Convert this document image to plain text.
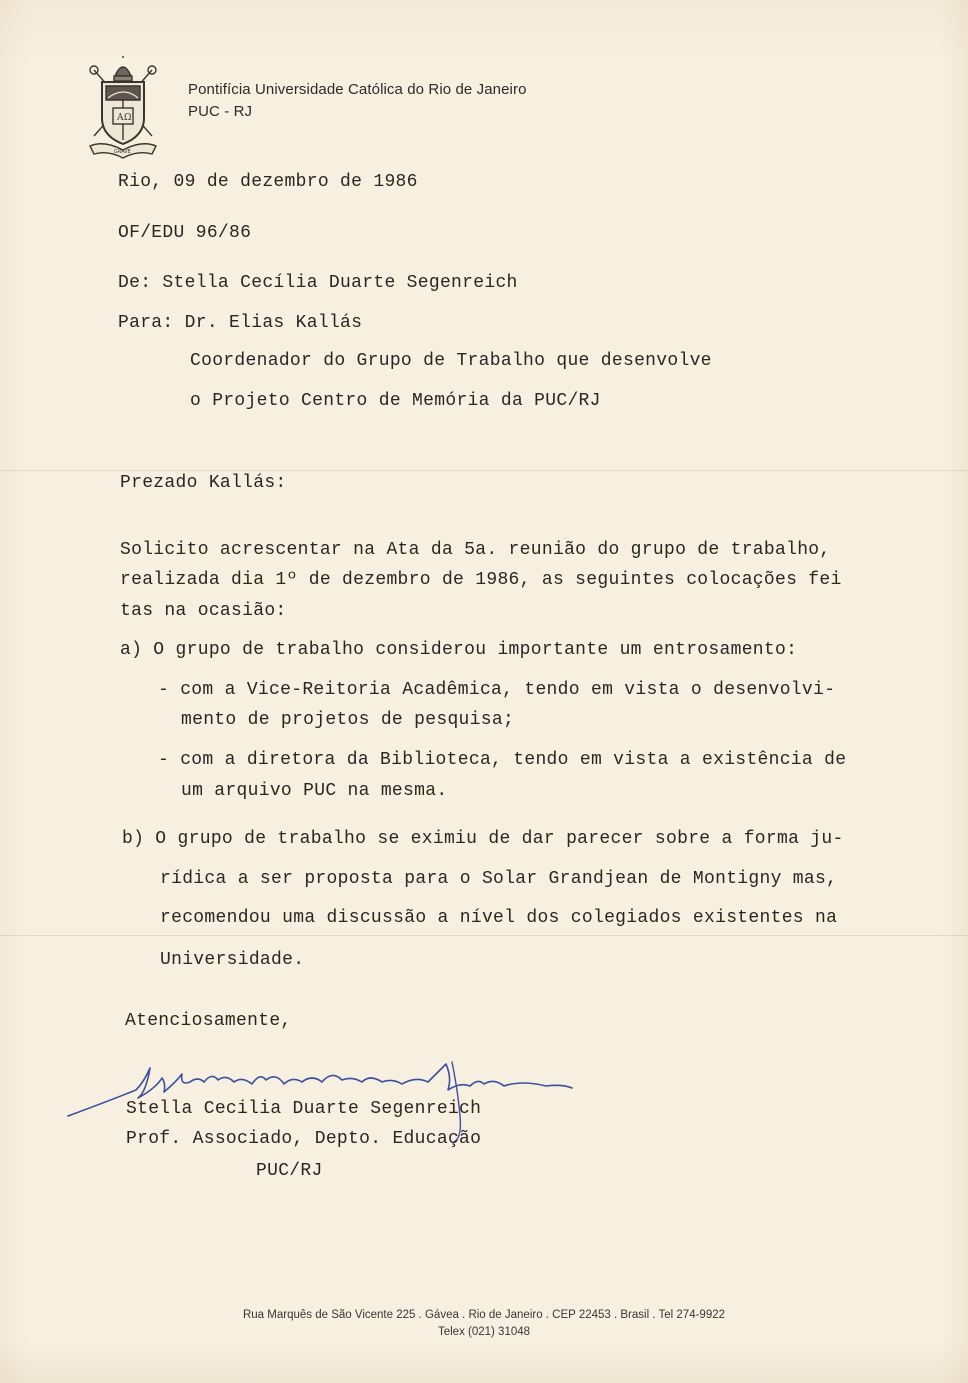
A Ω
GRAVE
Pontifícia Universidade Católica do Rio de Janeiro
PUC - RJ
Rio, 09 de dezembro de 1986
OF/EDU 96/86
De: Stella Cecília Duarte Segenreich
Para: Dr. Elias Kallás
Coordenador do Grupo de Trabalho que desenvolve
o Projeto Centro de Memória da PUC/RJ
Prezado Kallás:
Solicito acrescentar na Ata da 5a. reunião do grupo de trabalho,
realizada dia 1º de dezembro de 1986, as seguintes colocações fei
tas na ocasião:
a) O grupo de trabalho considerou importante um entrosamento:
- com a Vice-Reitoria Acadêmica, tendo em vista o desenvolvi-
mento de projetos de pesquisa;
- com a diretora da Biblioteca, tendo em vista a existência de
um arquivo PUC na mesma.
b) O grupo de trabalho se eximiu de dar parecer sobre a forma ju-
rídica a ser proposta para o Solar Grandjean de Montigny mas,
recomendou uma discussão a nível dos colegiados existentes na
Universidade.
Atenciosamente,
Stella Cecilia Duarte Segenreich
Prof. Associado, Depto. Educação
PUC/RJ
Rua Marquês de São Vicente 225 . Gávea . Rio de Janeiro . CEP 22453 . Brasil . Tel 274-9922
Telex (021) 31048
